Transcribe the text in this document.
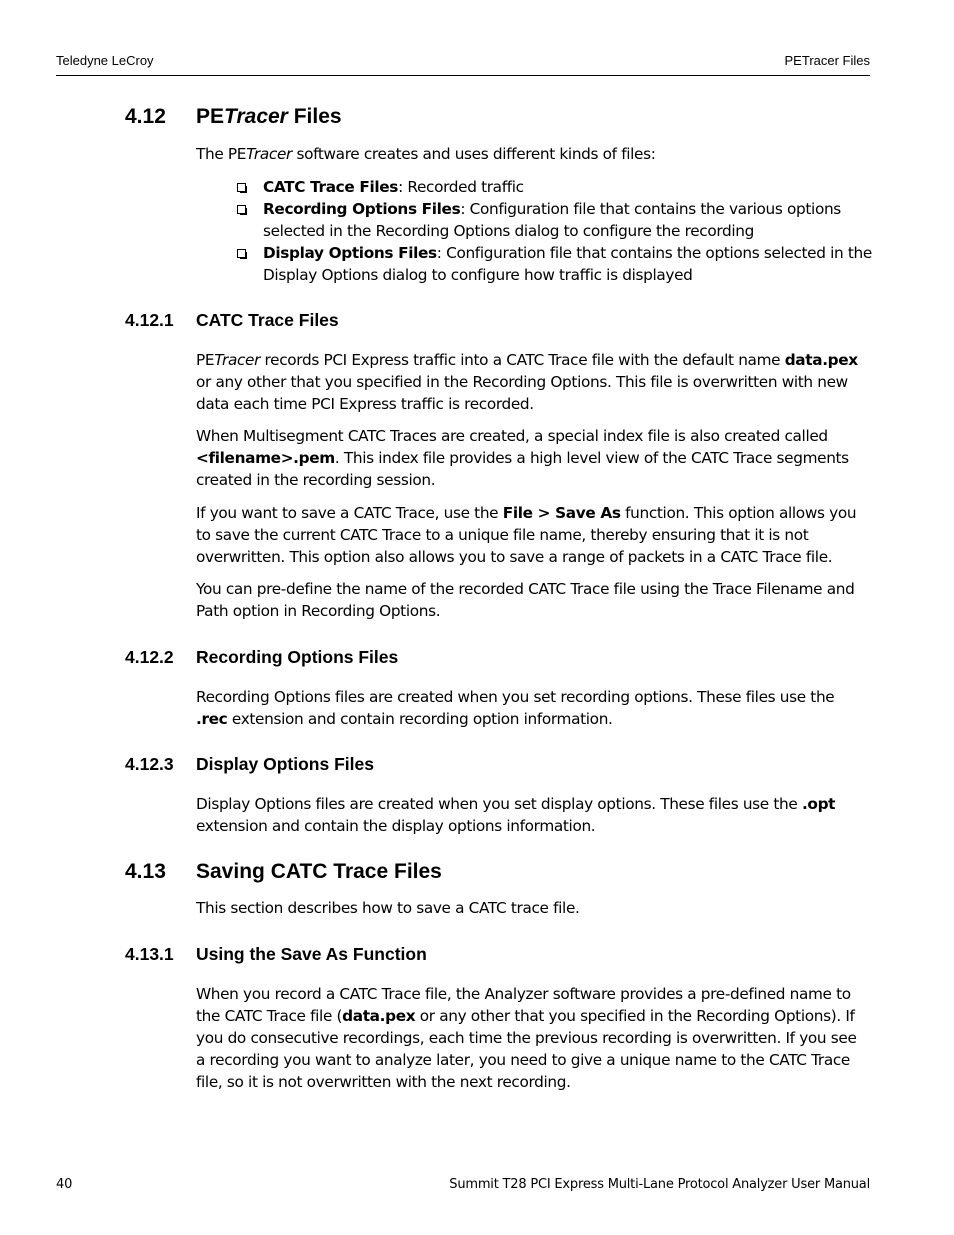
Teledyne LeCroy	PETracer Files
4.12 PETracer Files

The PETracer software creates and uses different kinds of files:

CATC Trace Files: Recorded traffic
Recording Options Files: Configuration file that contains the various options selected in the Recording Options dialog to configure the recording
Display Options Files: Configuration file that contains the options selected in the Display Options dialog to configure how traffic is displayed
4.12.1 CATC Trace Files

PETracer records PCI Express traffic into a CATC Trace file with the default name data.pex or any other that you specified in the Recording Options. This file is overwritten with new data each time PCI Express traffic is recorded.

When Multisegment CATC Traces are created, a special index file is also created called <filename>.pem. This index file provides a high level view of the CATC Trace segments created in the recording session.

If you want to save a CATC Trace, use the File > Save As function. This option allows you to save the current CATC Trace to a unique file name, thereby ensuring that it is not overwritten. This option also allows you to save a range of packets in a CATC Trace file.

You can pre-define the name of the recorded CATC Trace file using the Trace Filename and Path option in Recording Options.

4.12.2 Recording Options Files

Recording Options files are created when you set recording options. These files use the .rec extension and contain recording option information.

4.12.3 Display Options Files

Display Options files are created when you set display options. These files use the .opt extension and contain the display options information.

4.13 Saving CATC Trace Files

This section describes how to save a CATC trace file.

4.13.1 Using the Save As Function

When you record a CATC Trace file, the Analyzer software provides a pre-defined name to the CATC Trace file (data.pex or any other that you specified in the Recording Options). If you do consecutive recordings, each time the previous recording is overwritten. If you see a recording you want to analyze later, you need to give a unique name to the CATC Trace file, so it is not overwritten with the next recording.

40	Summit T28 PCI Express Multi-Lane Protocol Analyzer User Manual
